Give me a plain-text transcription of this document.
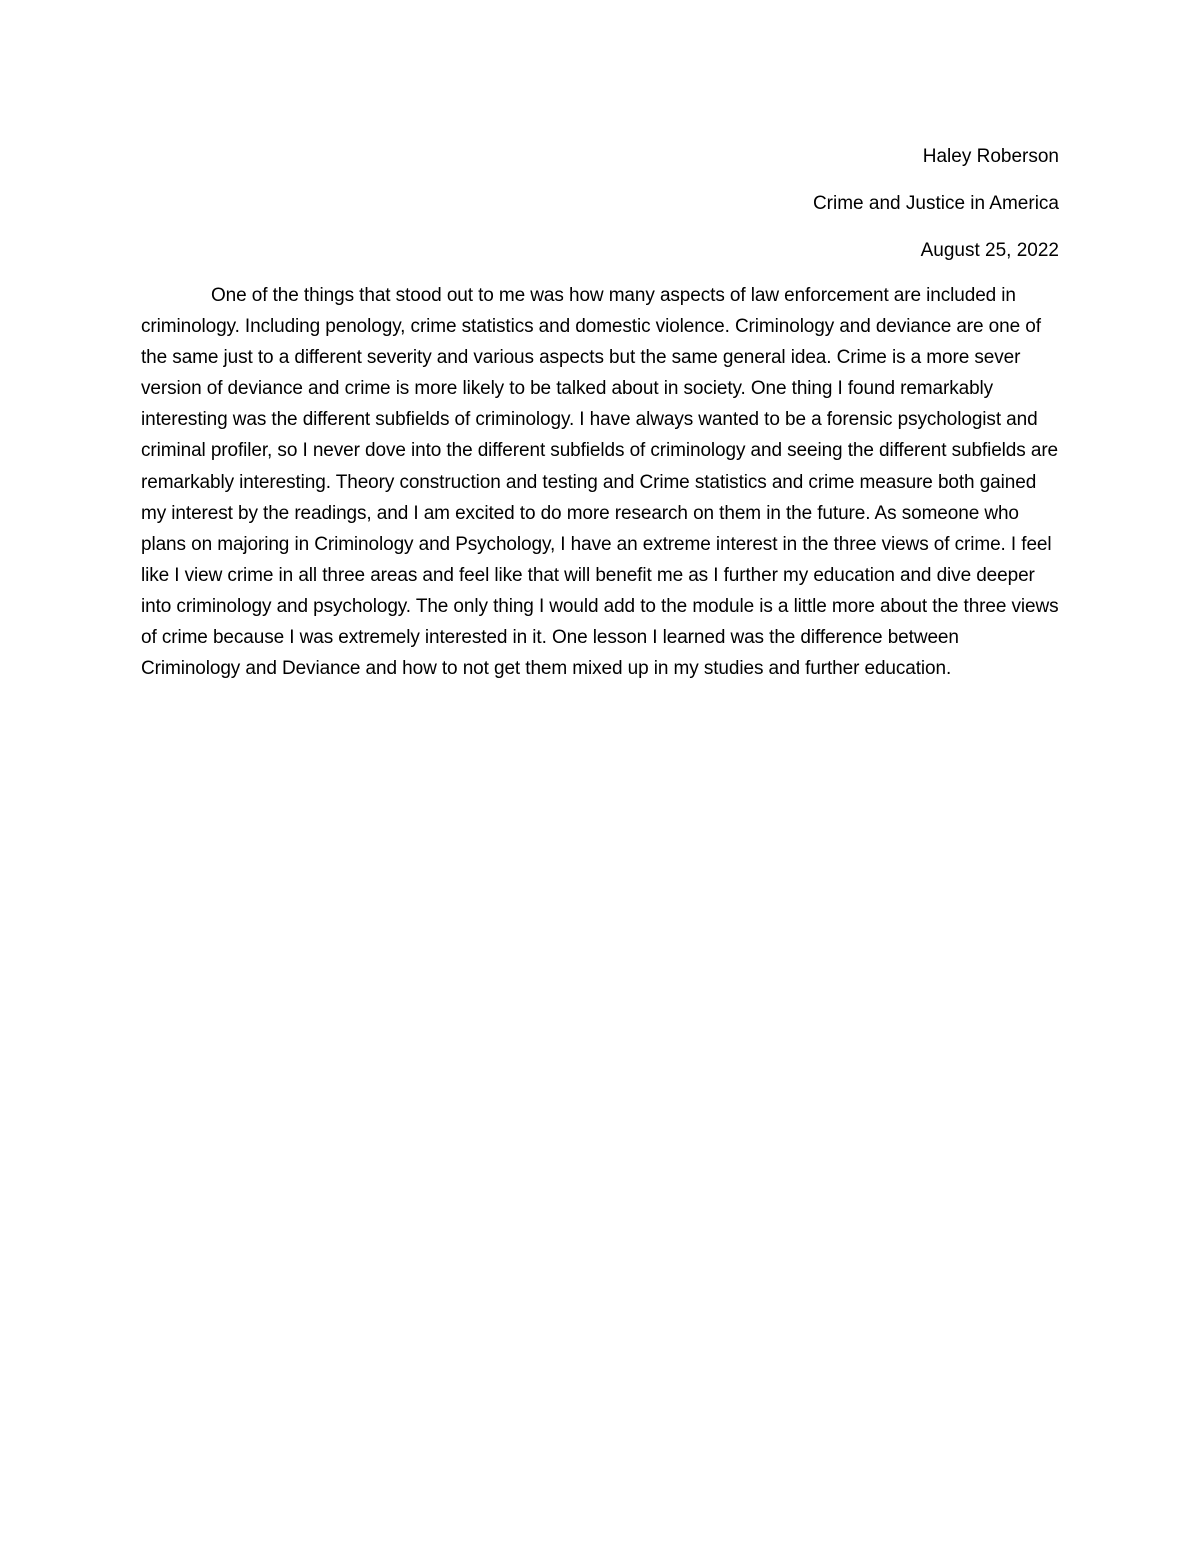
Haley Roberson
Crime and Justice in America
August 25, 2022

One of the things that stood out to me was how many aspects of law enforcement are included in criminology. Including penology, crime statistics and domestic violence. Criminology and deviance are one of the same just to a different severity and various aspects but the same general idea. Crime is a more sever version of deviance and crime is more likely to be talked about in society. One thing I found remarkably interesting was the different subfields of criminology. I have always wanted to be a forensic psychologist and criminal profiler, so I never dove into the different subfields of criminology and seeing the different subfields are remarkably interesting. Theory construction and testing and Crime statistics and crime measure both gained my interest by the readings, and I am excited to do more research on them in the future. As someone who plans on majoring in Criminology and Psychology, I have an extreme interest in the three views of crime. I feel like I view crime in all three areas and feel like that will benefit me as I further my education and dive deeper into criminology and psychology. The only thing I would add to the module is a little more about the three views of crime because I was extremely interested in it. One lesson I learned was the difference between Criminology and Deviance and how to not get them mixed up in my studies and further education.
